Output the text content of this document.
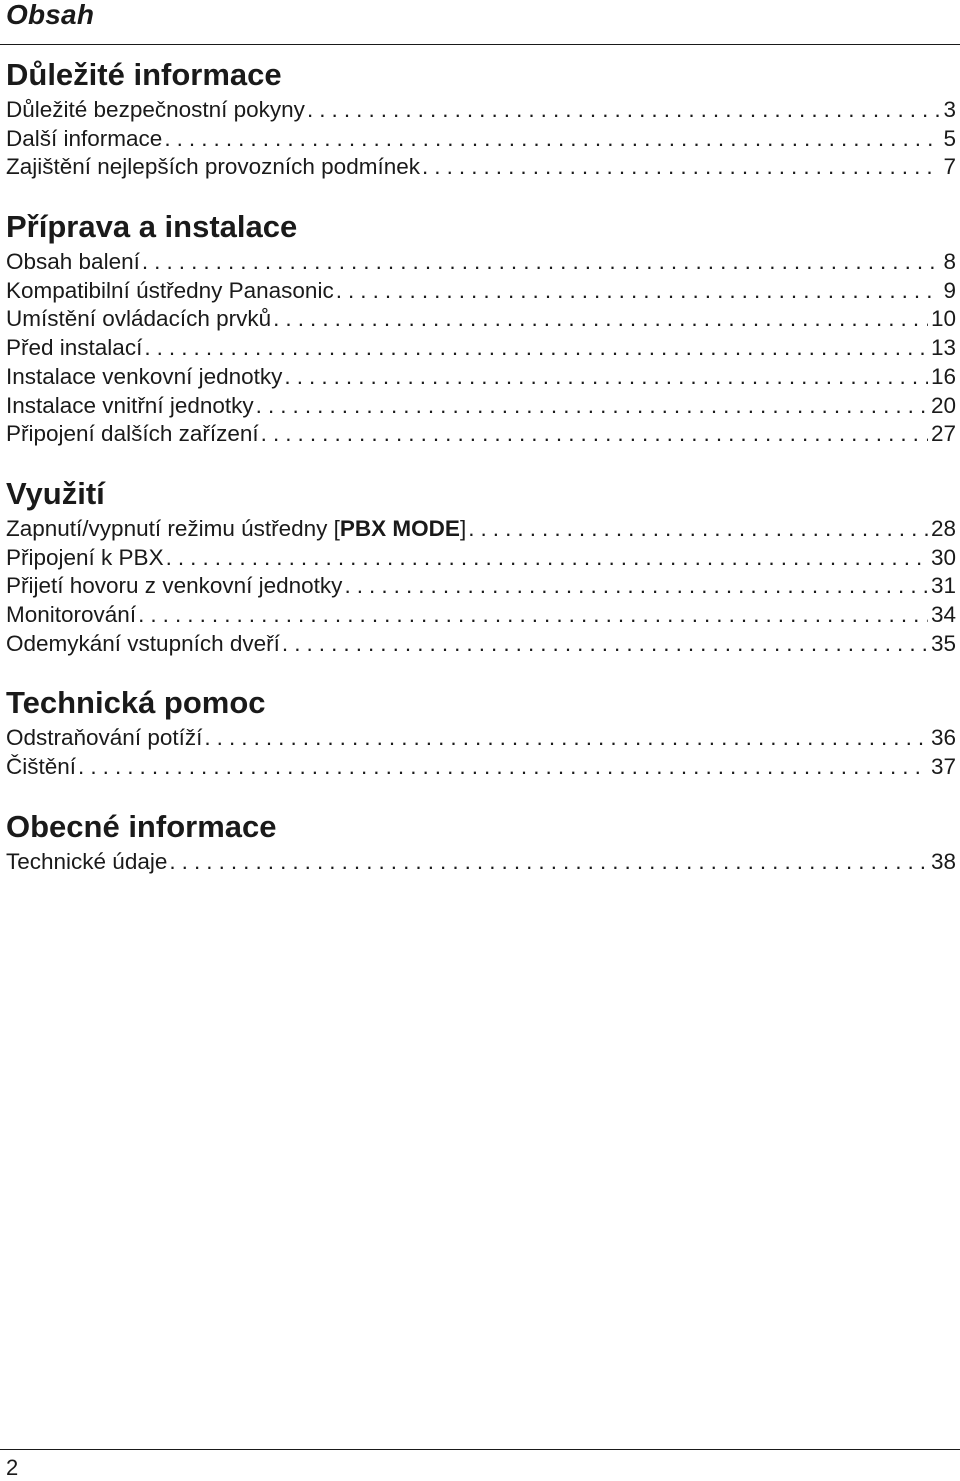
Obsah
Důležité informace
Důležité bezpečnostní pokyny . . .	3
Další informace . . .	5
Zajištění nejlepších provozních podmínek . . .	7
Příprava a instalace
Obsah balení . . .	8
Kompatibilní ústředny Panasonic . . .	9
Umístění ovládacích prvků . . .	10
Před instalací . . .	13
Instalace venkovní jednotky . . .	16
Instalace vnitřní jednotky . . .	20
Připojení dalších zařízení . . .	27
Využití
Zapnutí/vypnutí režimu ústředny [PBX MODE] . . .	28
Připojení k PBX . . .	30
Přijetí hovoru z venkovní jednotky . . .	31
Monitorování . . .	34
Odemykání vstupních dveří . . .	35
Technická pomoc
Odstraňování potíží . . .	36
Čištění . . .	37
Obecné informace
Technické údaje . . .	38
2
